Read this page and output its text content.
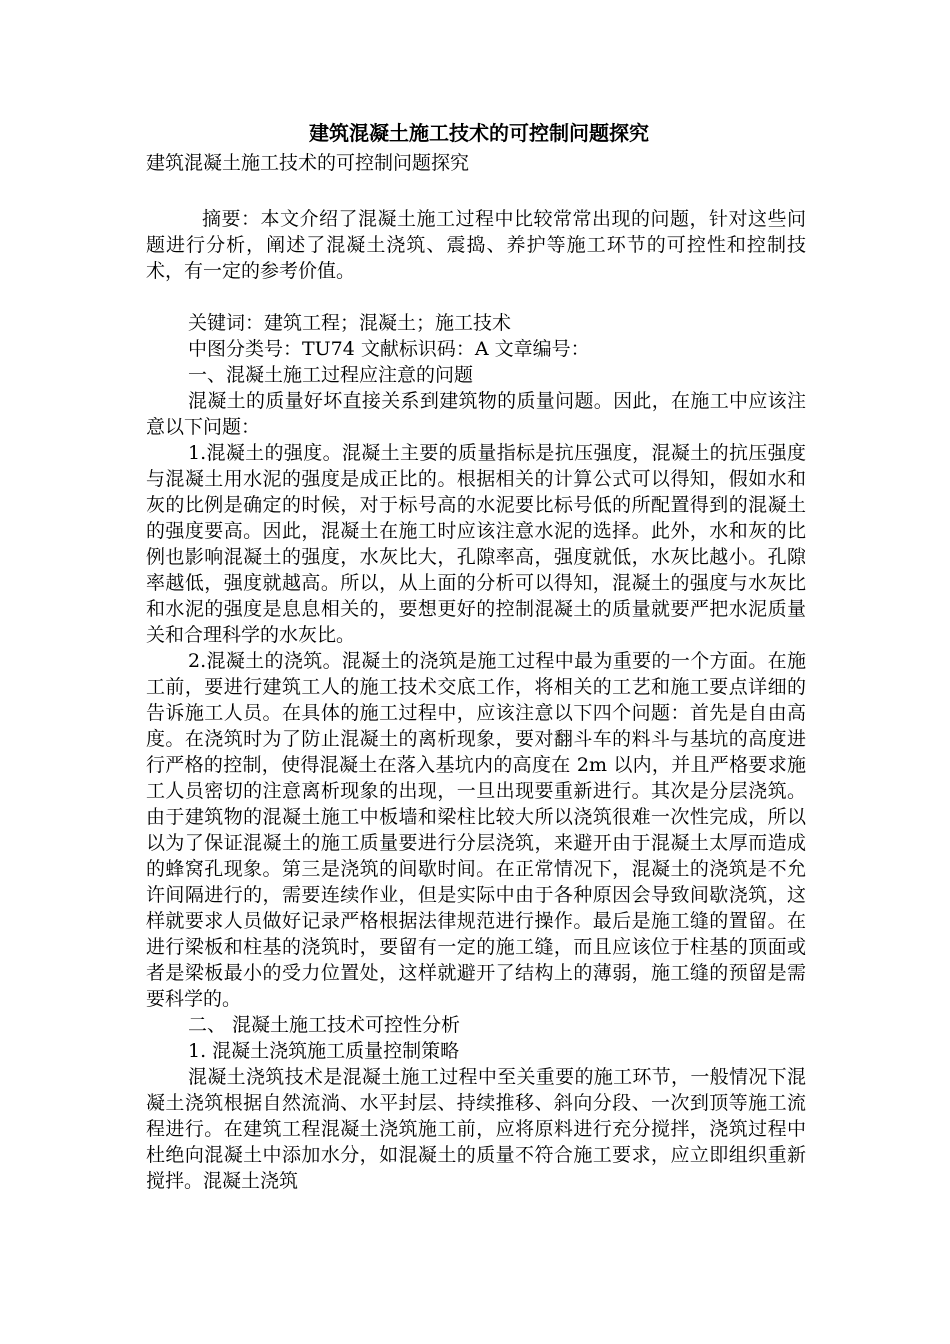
建筑混凝土施工技术的可控制问题探究

建筑混凝土施工技术的可控制问题探究

摘要：本文介绍了混凝土施工过程中比较常常出现的问题，针对这些问题进行分析，阐述了混凝土浇筑、震捣、养护等施工环节的可控性和控制技术，有一定的参考价值。

关键词：建筑工程；混凝土；施工技术

中图分类号：TU74 文献标识码：A 文章编号：

一、混凝土施工过程应注意的问题

混凝土的质量好坏直接关系到建筑物的质量问题。因此，在施工中应该注意以下问题：

1.混凝土的强度。混凝土主要的质量指标是抗压强度，混凝土的抗压强度与混凝土用水泥的强度是成正比的。根据相关的计算公式可以得知，假如水和灰的比例是确定的时候，对于标号高的水泥要比标号低的所配置得到的混凝土的强度要高。因此，混凝土在施工时应该注意水泥的选择。此外，水和灰的比例也影响混凝土的强度，水灰比大，孔隙率高，强度就低，水灰比越小。孔隙率越低，强度就越高。所以，从上面的分析可以得知，混凝土的强度与水灰比和水泥的强度是息息相关的，要想更好的控制混凝土的质量就要严把水泥质量关和合理科学的水灰比。

2.混凝土的浇筑。混凝土的浇筑是施工过程中最为重要的一个方面。在施工前，要进行建筑工人的施工技术交底工作，将相关的工艺和施工要点详细的告诉施工人员。在具体的施工过程中，应该注意以下四个问题：首先是自由高度。在浇筑时为了防止混凝土的离析现象，要对翻斗车的料斗与基坑的高度进行严格的控制，使得混凝土在落入基坑内的高度在 2m 以内，并且严格要求施工人员密切的注意离析现象的出现，一旦出现要重新进行。其次是分层浇筑。由于建筑物的混凝土施工中板墙和梁柱比较大所以浇筑很难一次性完成，所以以为了保证混凝土的施工质量要进行分层浇筑，来避开由于混凝土太厚而造成的蜂窝孔现象。第三是浇筑的间歇时间。在正常情况下，混凝土的浇筑是不允许间隔进行的，需要连续作业，但是实际中由于各种原因会导致间歇浇筑，这样就要求人员做好记录严格根据法律规范进行操作。最后是施工缝的置留。在进行梁板和柱基的浇筑时，要留有一定的施工缝，而且应该位于柱基的顶面或者是梁板最小的受力位置处，这样就避开了结构上的薄弱，施工缝的预留是需要科学的。

二、 混凝土施工技术可控性分析

1. 混凝土浇筑施工质量控制策略

混凝土浇筑技术是混凝土施工过程中至关重要的施工环节，一般情况下混凝土浇筑根据自然流淌、水平封层、持续推移、斜向分段、一次到顶等施工流程进行。在建筑工程混凝土浇筑施工前，应将原料进行充分搅拌，浇筑过程中杜绝向混凝土中添加水分，如混凝土的质量不符合施工要求，应立即组织重新搅拌。混凝土浇筑
